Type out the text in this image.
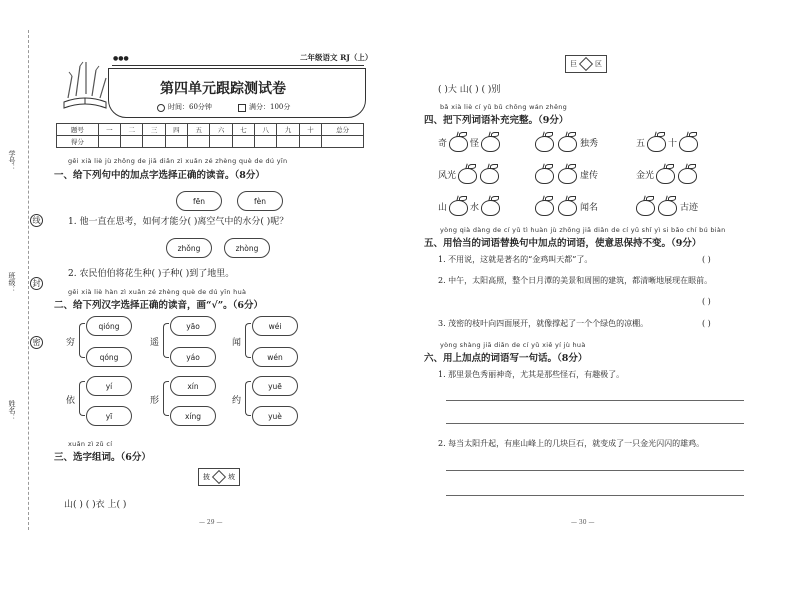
学号：
线
班级：	封
密
姓名：
●●●	二年级语文 RJ（上）
第四单元跟踪测试卷
时间：60分钟	满分：100分
题号	一	二	三	四	五	六	七	八	九	十	总分
得分											
gěi xià liè jù zhōng de jiā diǎn zì xuǎn zé zhèng què de dú yīn
一、给下列句中的加点字选择正确的读音。（8分）
fēn	fèn
1. 他一直在思考，如何才能分( )离空气中的水分( )呢？
zhǒng	zhòng
2. 农民伯伯将花生种( )子种( )到了地里。
gěi xià liè hàn zì xuǎn zé zhèng què de dú yīn huà
二、给下列汉字选择正确的读音，画“√”。（6分）
穷
qióng
qóng
遥
yāo
yáo
闻
wéi
wén
依
yí
yī
形
xín
xíng
约
yuē
yuè
xuǎn zì zǔ cí
三、选字组词。（6分）
披	坡
山( ) ( )衣 上( )
— 29 —
巨	区
( )大 山( ) ( )别
bǎ xià liè cí yǔ bǔ chōng wán zhěng
四、把下列词语补充完整。（9分）
奇	怪	独秀	五	十
风光	虚传	金光
山	水	闻名	古迹
yòng qià dàng de cí yǔ tì huàn jù zhōng jiā diǎn de cí yǔ shǐ yì si bǎo chí bú biàn
五、用恰当的词语替换句中加点的词语，使意思保持不变。（9分）
1. 不用说，这就是著名的“金鸡叫天都”了。	( )
2. 中午，太阳高照，整个日月潭的美景和周围的建筑，都清晰地展现在眼前。
( )
3. 茂密的枝叶向四面展开，就像撑起了一个个绿色的凉棚。	( )
yòng shàng jiā diǎn de cí yǔ xiě yí jù huà
六、用上加点的词语写一句话。（8分）
1. 那里景色秀丽神奇，尤其是那些怪石，有趣极了。
2. 每当太阳升起，有座山峰上的几块巨石，就变成了一只金光闪闪的雄鸡。
— 30 —
